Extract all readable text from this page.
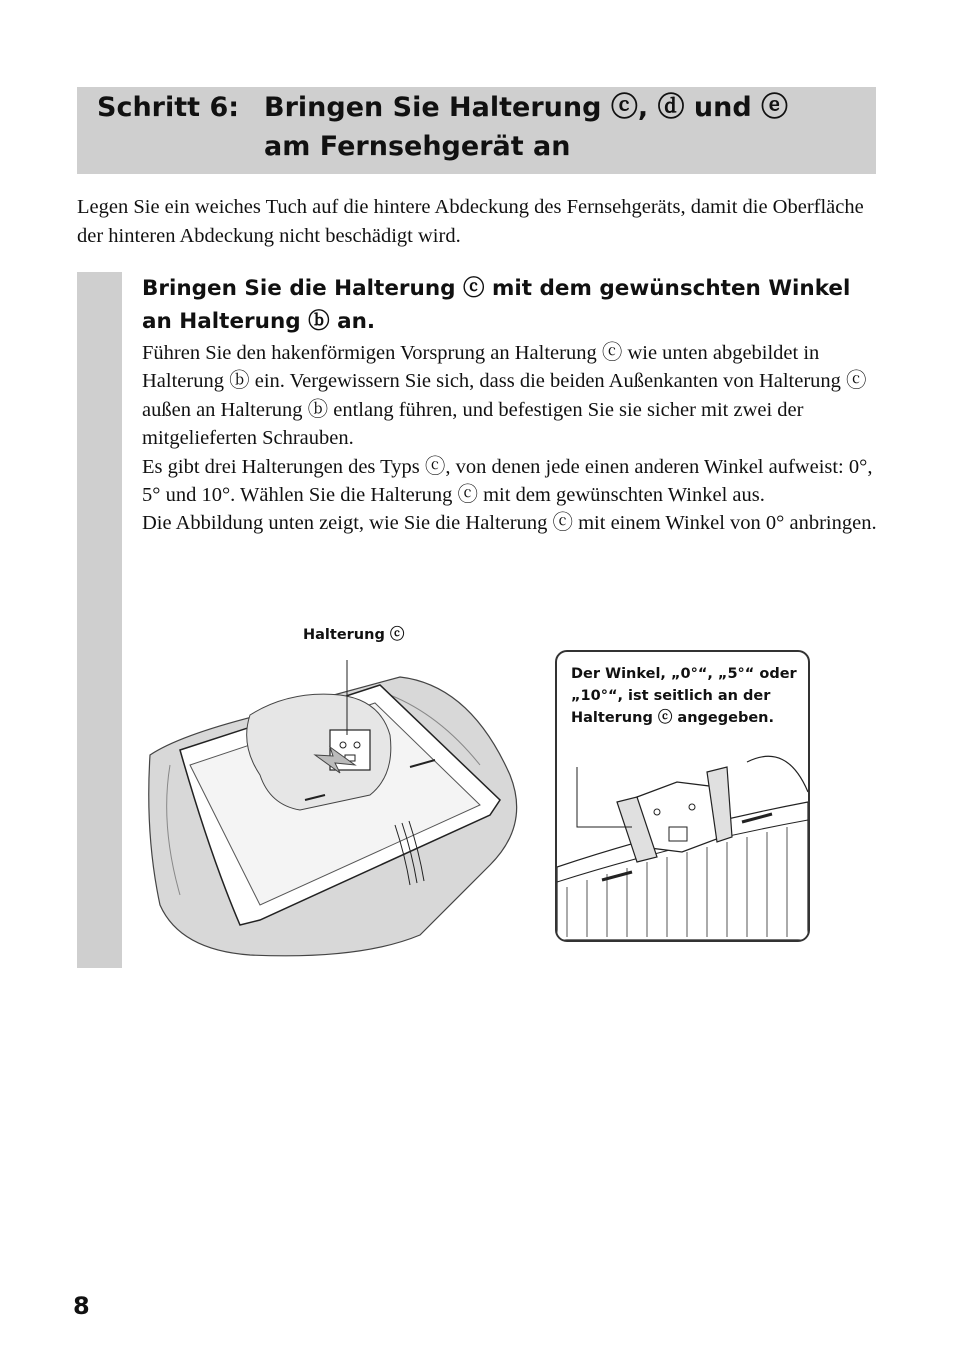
Schritt 6: Bringen Sie Halterung ⓒ, ⓓ und ⓔ
am Fernsehgerät an
Legen Sie ein weiches Tuch auf die hintere Abdeckung des Fernsehgeräts, damit die Oberfläche der hinteren Abdeckung nicht beschädigt wird.
Bringen Sie die Halterung ⓒ mit dem gewünschten Winkel an Halterung ⓑ an.

Führen Sie den hakenförmigen Vorsprung an Halterung ⓒ wie unten abgebildet in Halterung ⓑ ein. Vergewissern Sie sich, dass die beiden Außenkanten von Halterung ⓒ außen an Halterung ⓑ entlang führen, und befestigen Sie sie sicher mit zwei der mitgelieferten Schrauben.

Es gibt drei Halterungen des Typs ⓒ, von denen jede einen anderen Winkel aufweist: 0°, 5° und 10°. Wählen Sie die Halterung ⓒ mit dem gewünschten Winkel aus.

Die Abbildung unten zeigt, wie Sie die Halterung ⓒ mit einem Winkel von 0° anbringen.

Halterung ⓒ
Der Winkel, „0°“, „5°“ oder „10°“, ist seitlich an der Halterung ⓒ angegeben.
8
